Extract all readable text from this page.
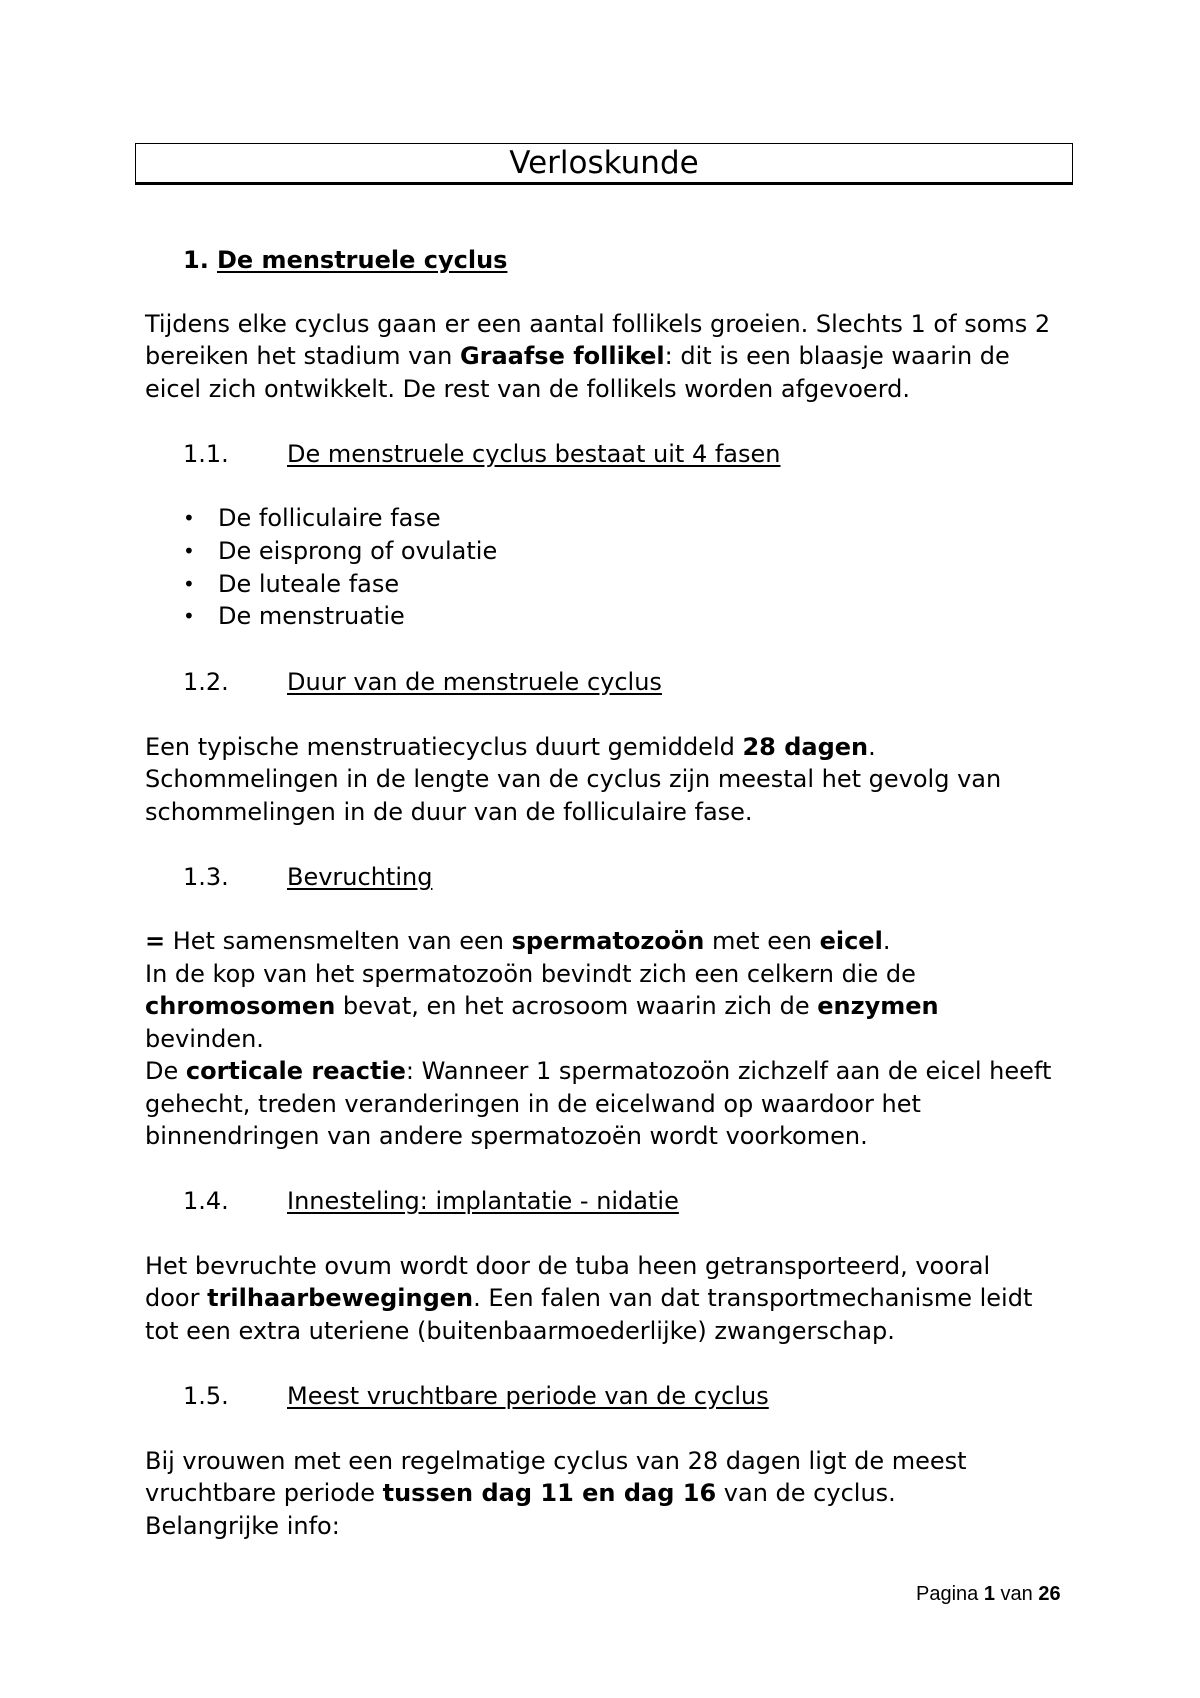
Verloskunde
1. De menstruele cyclus
Tijdens elke cyclus gaan er een aantal follikels groeien. Slechts 1 of soms 2
bereiken het stadium van Graafse follikel: dit is een blaasje waarin de
eicel zich ontwikkelt. De rest van de follikels worden afgevoerd.
1.1. De menstruele cyclus bestaat uit 4 fasen
• De folliculaire fase
• De eisprong of ovulatie
• De luteale fase
• De menstruatie
1.2. Duur van de menstruele cyclus
Een typische menstruatiecyclus duurt gemiddeld 28 dagen.
Schommelingen in de lengte van de cyclus zijn meestal het gevolg van
schommelingen in de duur van de folliculaire fase.
1.3. Bevruchting
= Het samensmelten van een spermatozoön met een eicel.
In de kop van het spermatozoön bevindt zich een celkern die de
chromosomen bevat, en het acrosoom waarin zich de enzymen
bevinden.
De corticale reactie: Wanneer 1 spermatozoön zichzelf aan de eicel heeft
gehecht, treden veranderingen in de eicelwand op waardoor het
binnendringen van andere spermatozoën wordt voorkomen.
1.4. Innesteling: implantatie - nidatie
Het bevruchte ovum wordt door de tuba heen getransporteerd, vooral
door trilhaarbewegingen. Een falen van dat transportmechanisme leidt
tot een extra uteriene (buitenbaarmoederlijke) zwangerschap.
1.5. Meest vruchtbare periode van de cyclus
Bij vrouwen met een regelmatige cyclus van 28 dagen ligt de meest
vruchtbare periode tussen dag 11 en dag 16 van de cyclus.
Belangrijke info:
Pagina 1 van 26
